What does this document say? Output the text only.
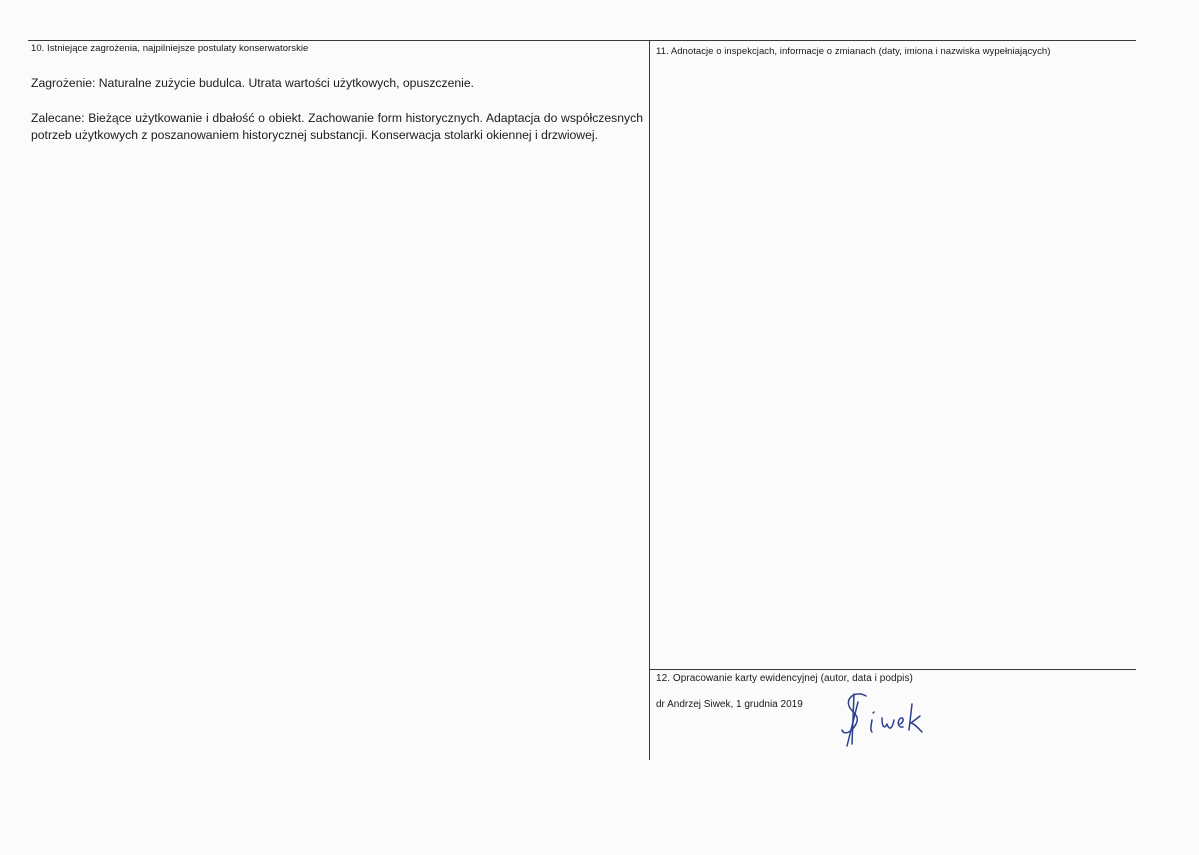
10. Istniejące zagrożenia, najpilniejsze postulaty konserwatorskie
Zagrożenie: Naturalne zużycie budulca. Utrata wartości użytkowych, opuszczenie.
Zalecane: Bieżące użytkowanie i dbałość o obiekt. Zachowanie form historycznych. Adaptacja do współczesnych potrzeb użytkowych z poszanowaniem historycznej substancji. Konserwacja stolarki okiennej i drzwiowej.
11. Adnotacje o inspekcjach, informacje o zmianach (daty, imiona i nazwiska wypełniających)
12. Opracowanie karty ewidencyjnej (autor, data i podpis)
dr Andrzej Siwek, 1 grudnia 2019
